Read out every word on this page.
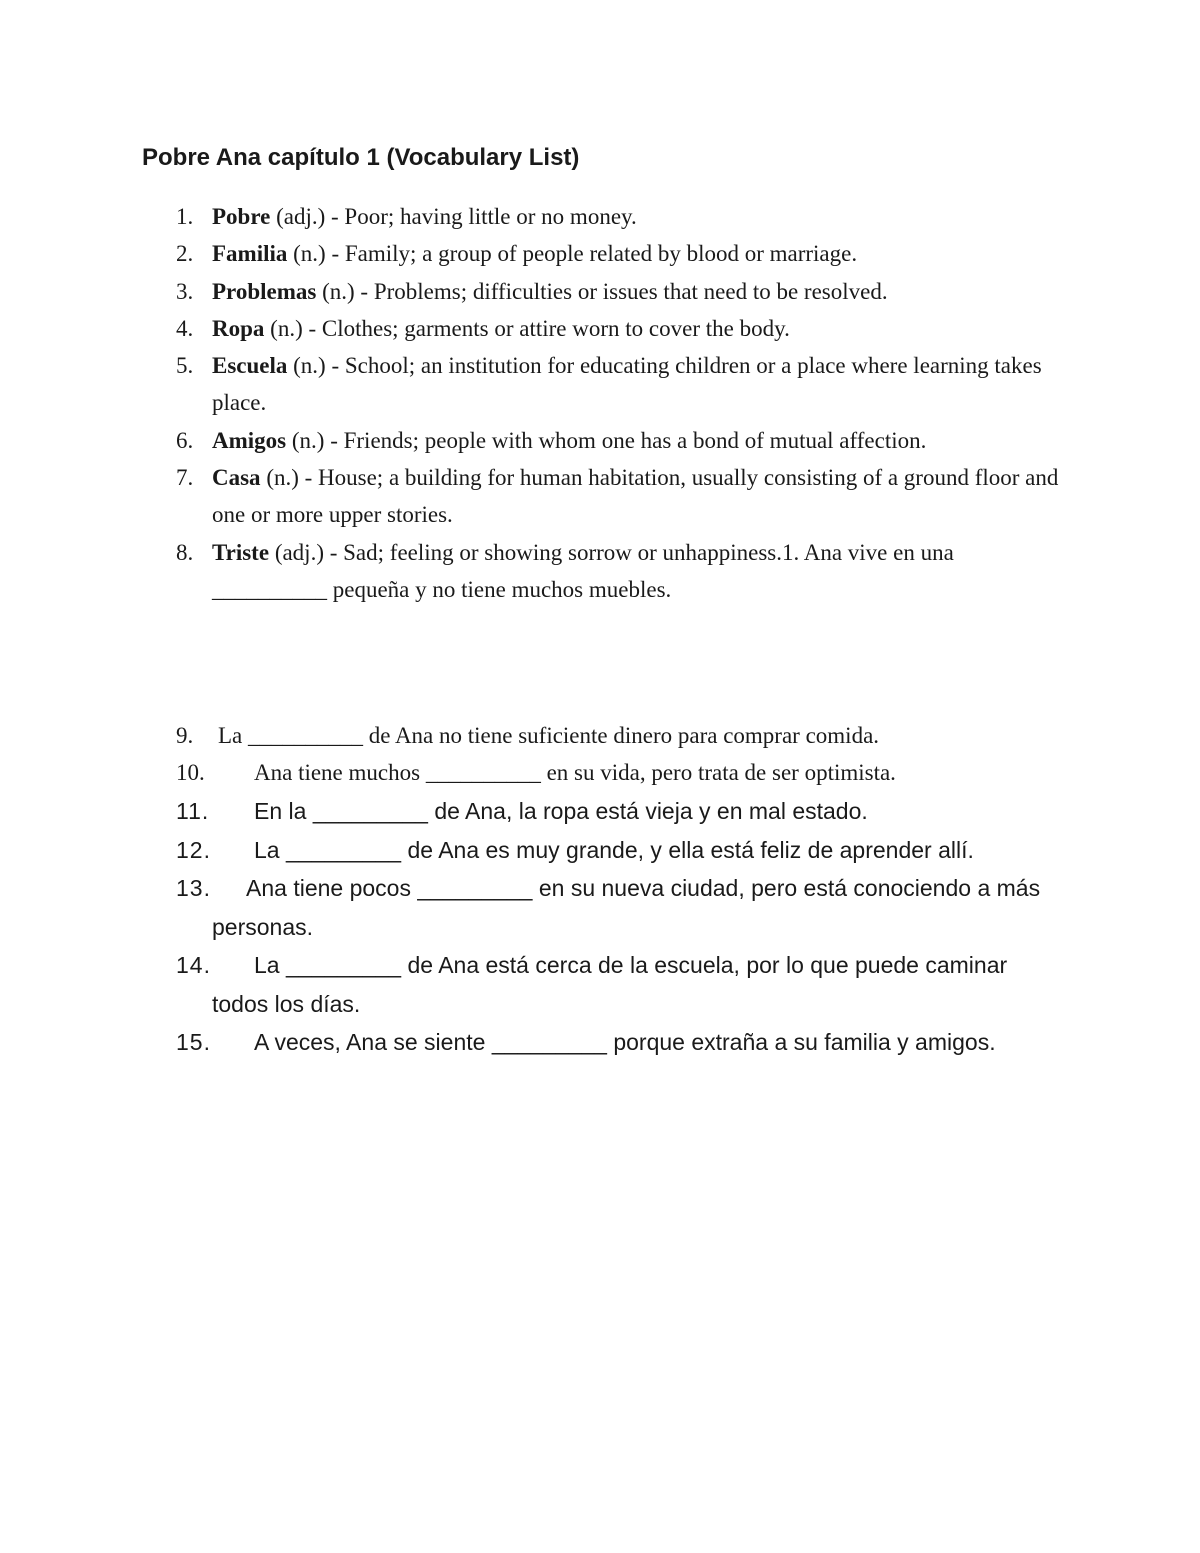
Pobre Ana capítulo 1 (Vocabulary List)
1. Pobre (adj.) - Poor; having little or no money.
2. Familia (n.) - Family; a group of people related by blood or marriage.
3. Problemas (n.) - Problems; difficulties or issues that need to be resolved.
4. Ropa (n.) - Clothes; garments or attire worn to cover the body.
5. Escuela (n.) - School; an institution for educating children or a place where learning takes place.
6. Amigos (n.) - Friends; people with whom one has a bond of mutual affection.
7. Casa (n.) - House; a building for human habitation, usually consisting of a ground floor and one or more upper stories.
8. Triste (adj.) - Sad; feeling or showing sorrow or unhappiness.1. Ana vive en una __________ pequeña y no tiene muchos muebles.
9. La __________ de Ana no tiene suficiente dinero para comprar comida.
10. Ana tiene muchos __________ en su vida, pero trata de ser optimista.
11. En la _________ de Ana, la ropa está vieja y en mal estado.
12. La _________ de Ana es muy grande, y ella está feliz de aprender allí.
13. Ana tiene pocos _________ en su nueva ciudad, pero está conociendo a más personas.
14. La _________ de Ana está cerca de la escuela, por lo que puede caminar todos los días.
15. A veces, Ana se siente _________ porque extraña a su familia y amigos.
